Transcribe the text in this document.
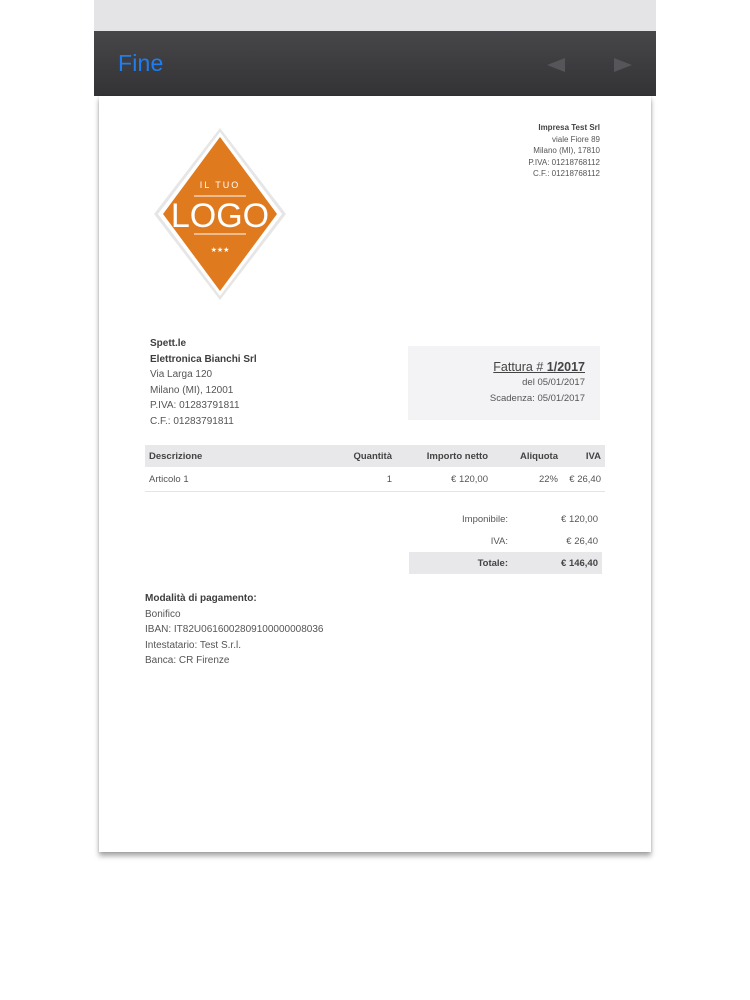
Fine
IL TUO
LOGO
★★★
Impresa Test Srl
viale Fiore 89
Milano (MI), 17810
P.IVA: 01218768112
C.F.: 01218768112
Spett.le
Elettronica Bianchi Srl
Via Larga 120
Milano (MI), 12001
P.IVA: 01283791811
C.F.: 01283791811
Fattura # 1/2017
del 05/01/2017
Scadenza: 05/01/2017
Descrizione	Quantità	Importo netto	Aliquota	IVA
Articolo 1	1	€ 120,00	22%	€ 26,40
Imponibile:	€ 120,00
IVA:	€ 26,40
Totale:	€ 146,40
Modalità di pagamento:
Bonifico
IBAN: IT82U0616002809100000008036
Intestatario: Test S.r.l.
Banca: CR Firenze
